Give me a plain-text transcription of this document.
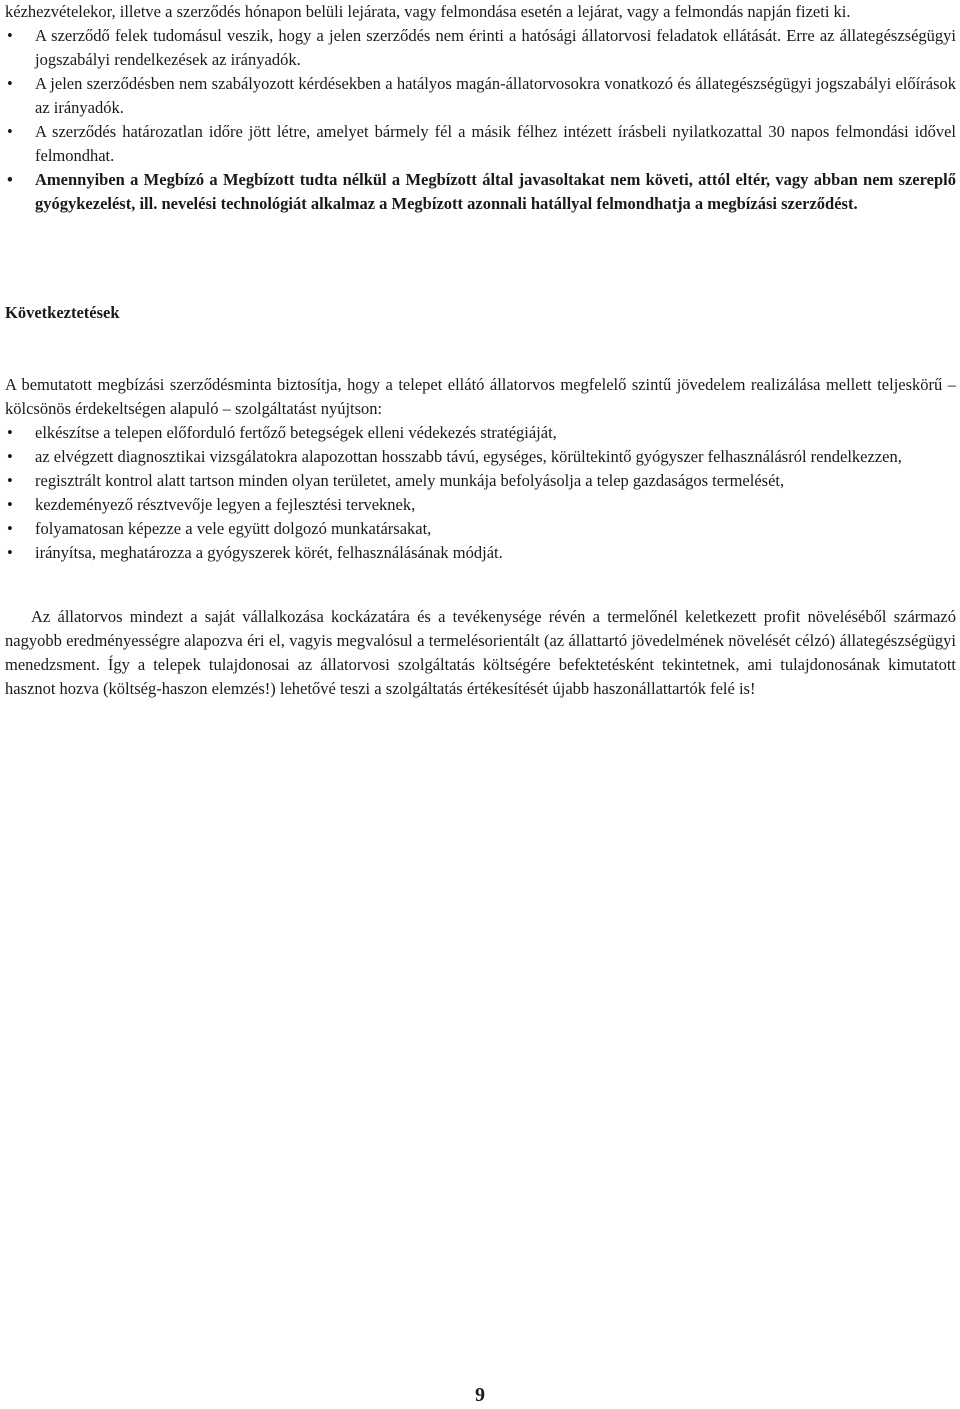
kézhezvételekor, illetve a szerződés hónapon belüli lejárata, vagy felmondása esetén a lejárat, vagy a felmondás napján fizeti ki.

•	A szerződő felek tudomásul veszik, hogy a jelen szerződés nem érinti a hatósági állatorvosi feladatok ellátását. Erre az állategészségügyi jogszabályi rendelkezések az irányadók.
•	A jelen szerződésben nem szabályozott kérdésekben a hatályos magán-állatorvosokra vonatkozó és állategészségügyi jogszabályi előírások az irányadók.
•	A szerződés határozatlan időre jött létre, amelyet bármely fél a másik félhez intézett írásbeli nyilatkozattal 30 napos felmondási idővel felmondhat.
•	Amennyiben a Megbízó a Megbízott tudta nélkül a Megbízott által javasoltakat nem követi, attól eltér, vagy abban nem szereplő gyógykezelést, ill. nevelési technológiát alkalmaz a Megbízott azonnali hatállyal felmondhatja a megbízási szerződést.
Következtetések

A bemutatott megbízási szerződésminta biztosítja, hogy a telepet ellátó állatorvos megfelelő szintű jövedelem realizálása mellett teljeskörű – kölcsönös érdekeltségen alapuló – szolgáltatást nyújtson:

•	elkészítse a telepen előforduló fertőző betegségek elleni védekezés stratégiáját,
•	az elvégzett diagnosztikai vizsgálatokra alapozottan hosszabb távú, egységes, körültekintő gyógyszer felhasználásról rendelkezzen,
•	regisztrált kontrol alatt tartson minden olyan területet, amely munkája befolyásolja a telep gazdaságos termelését,
•	kezdeményező résztvevője legyen a fejlesztési terveknek,
•	folyamatosan képezze a vele együtt dolgozó munkatársakat,
•	irányítsa, meghatározza a gyógyszerek körét, felhasználásának módját.

Az állatorvos mindezt a saját vállalkozása kockázatára és a tevékenysége révén a termelőnél keletkezett profit növeléséből származó nagyobb eredményességre alapozva éri el, vagyis megvalósul a termelésorientált (az állattartó jövedelmének növelését célzó) állategészségügyi menedzsment. Így a telepek tulajdonosai az állatorvosi szolgáltatás költségére befektetésként tekintetnek, ami tulajdonosának kimutatott hasznot hozva (költség-haszon elemzés!) lehetővé teszi a szolgáltatás értékesítését újabb haszonállattartók felé is!

9
